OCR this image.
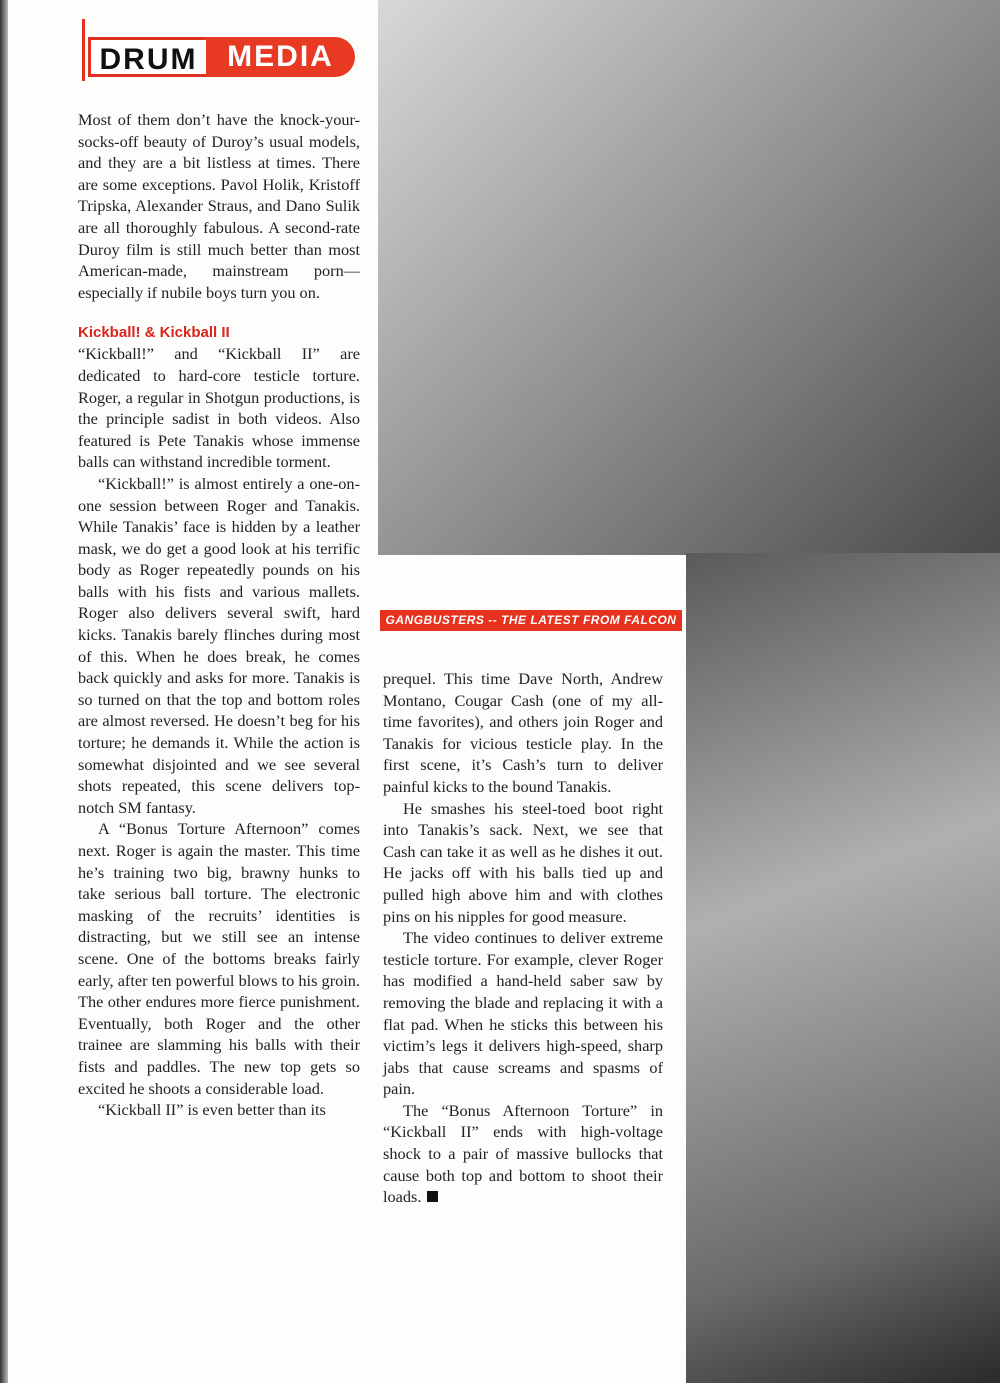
DRUM MEDIA

Most of them don’t have the knock-your-socks-off beauty of Duroy’s usual models, and they are a bit listless at times. There are some exceptions. Pavol Holik, Kristoff Tripska, Alexander Straus, and Dano Sulik are all thoroughly fabulous. A second-rate Duroy film is still much better than most American-made, mainstream porn—especially if nubile boys turn you on.

Kickball! & Kickball II

“Kickball!” and “Kickball II” are dedicated to hard-core testicle torture. Roger, a regular in Shotgun productions, is the principle sadist in both videos. Also featured is Pete Tanakis whose immense balls can withstand incredible torment.

“Kickball!” is almost entirely a one-on-one session between Roger and Tanakis. While Tanakis’ face is hidden by a leather mask, we do get a good look at his terrific body as Roger repeatedly pounds on his balls with his fists and various mallets. Roger also delivers several swift, hard kicks. Tanakis barely flinches during most of this. When he does break, he comes back quickly and asks for more. Tanakis is so turned on that the top and bottom roles are almost reversed. He doesn’t beg for his torture; he demands it. While the action is somewhat disjointed and we see several shots repeated, this scene delivers top-notch SM fantasy.

A “Bonus Torture Afternoon” comes next. Roger is again the master. This time he’s training two big, brawny hunks to take serious ball torture. The electronic masking of the recruits’ identities is distracting, but we still see an intense scene. One of the bottoms breaks fairly early, after ten powerful blows to his groin. The other endures more fierce punishment. Eventually, both Roger and the other trainee are slamming his balls with their fists and paddles. The new top gets so excited he shoots a considerable load.

“Kickball II” is even better than its

GANGBUSTERS -- THE LATEST FROM FALCON

prequel. This time Dave North, Andrew Montano, Cougar Cash (one of my all-time favorites), and others join Roger and Tanakis for vicious testicle play. In the first scene, it’s Cash’s turn to deliver painful kicks to the bound Tanakis.

He smashes his steel-toed boot right into Tanakis’s sack. Next, we see that Cash can take it as well as he dishes it out. He jacks off with his balls tied up and pulled high above him and with clothes pins on his nipples for good measure.

The video continues to deliver extreme testicle torture. For example, clever Roger has modified a hand-held saber saw by removing the blade and replacing it with a flat pad. When he sticks this between his victim’s legs it delivers high-speed, sharp jabs that cause screams and spasms of pain.

The “Bonus Afternoon Torture” in “Kickball II” ends with high-voltage shock to a pair of massive bullocks that cause both top and bottom to shoot their loads.
